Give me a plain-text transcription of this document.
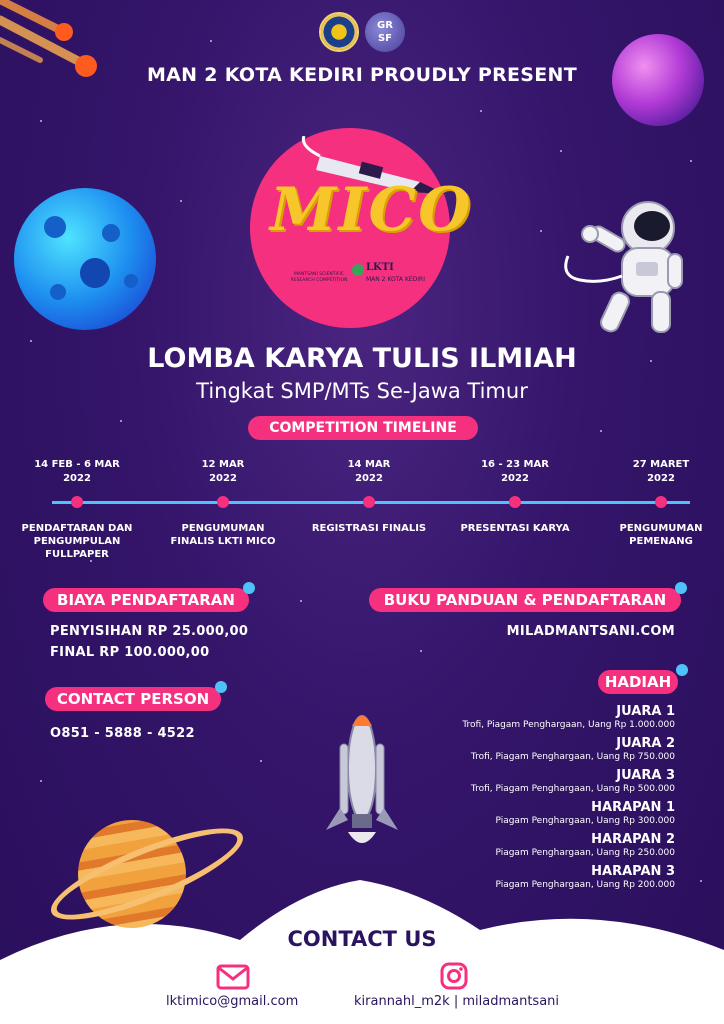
GR
SF
MAN 2 KOTA KEDIRI PROUDLY PRESENT
MICO
MANTSANI SCIENTIFIC RESEARCH COMPETITION
LKTI
MAN 2 KOTA KEDIRI
LOMBA KARYA TULIS ILMIAH
Tingkat SMP/MTs Se-Jawa Timur
COMPETITION TIMELINE
14 FEB - 6 MAR
2022
PENDAFTARAN DAN
PENGUMPULAN
FULLPAPER
12 MAR
2022
PENGUMUMAN
FINALIS LKTI MICO
14 MAR
2022
REGISTRASI FINALIS
16 - 23 MAR
2022
PRESENTASI KARYA
27 MARET
2022
PENGUMUMAN
PEMENANG
BIAYA PENDAFTARAN
PENYISIHAN RP 25.000,00
FINAL RP 100.000,00
CONTACT PERSON
O851 - 5888 - 4522
BUKU PANDUAN & PENDAFTARAN
MILADMANTSANI.COM
HADIAH
JUARA 1
Trofi, Piagam Penghargaan, Uang Rp 1.000.000
JUARA 2
Trofi, Piagam Penghargaan, Uang Rp 750.000
JUARA 3
Trofi, Piagam Penghargaan, Uang Rp 500.000
HARAPAN 1
Piagam Penghargaan, Uang Rp 300.000
HARAPAN 2
Piagam Penghargaan, Uang Rp 250.000
HARAPAN 3
Piagam Penghargaan, Uang Rp 200.000
CONTACT US
lktimico@gmail.com	kirannahl_m2k | miladmantsani
